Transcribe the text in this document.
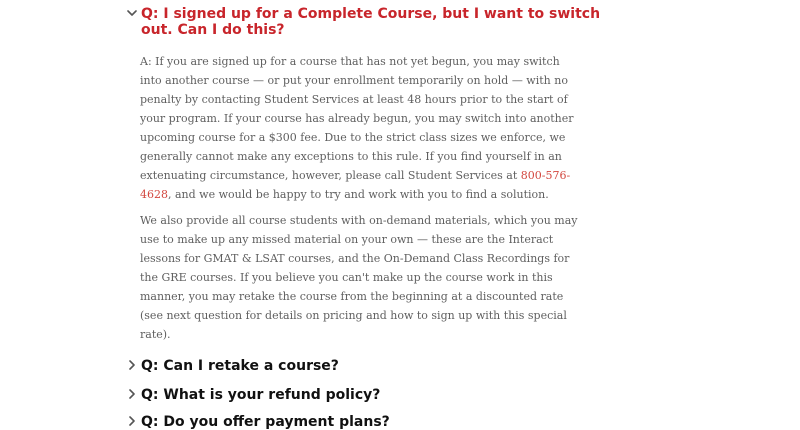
Q: I signed up for a Complete Course, but I want to switch out. Can I do this?

A: If you are signed up for a course that has not yet begun, you may switch into another course — or put your enrollment temporarily on hold — with no penalty by contacting Student Services at least 48 hours prior to the start of your program. If your course has already begun, you may switch into another upcoming course for a $300 fee. Due to the strict class sizes we enforce, we generally cannot make any exceptions to this rule. If you find yourself in an extenuating circumstance, however, please call Student Services at 800-576-4628, and we would be happy to try and work with you to find a solution.

We also provide all course students with on-demand materials, which you may use to make up any missed material on your own — these are the Interact lessons for GMAT & LSAT courses, and the On-Demand Class Recordings for the GRE courses. If you believe you can't make up the course work in this manner, you may retake the course from the beginning at a discounted rate (see next question for details on pricing and how to sign up with this special rate).

Q: Can I retake a course?
Q: What is your refund policy?
Q: Do you offer payment plans?
